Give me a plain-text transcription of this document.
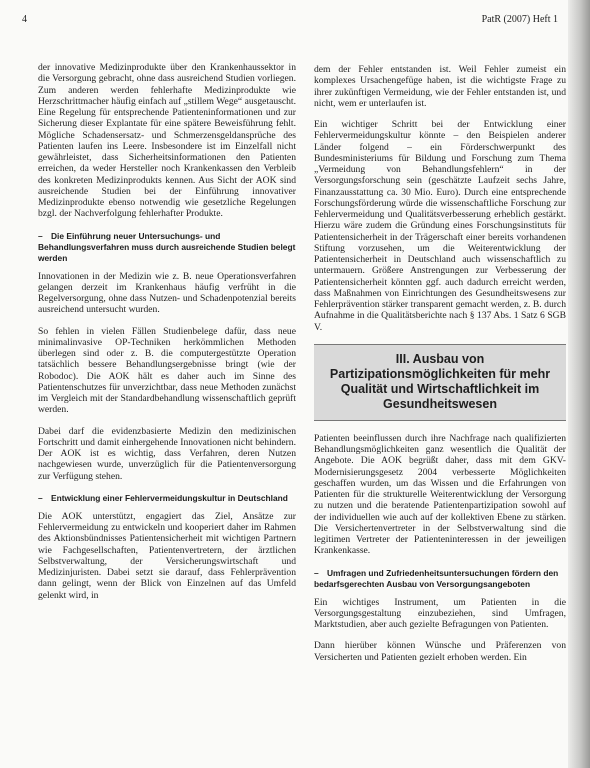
4	PatR (2007) Heft 1

der innovative Medizinprodukte über den Krankenhaussektor in die Versorgung gebracht, ohne dass ausreichend Studien vorliegen. Zum anderen werden fehlerhafte Medizinprodukte wie Herzschrittmacher häufig einfach auf „stillem Wege“ ausgetauscht. Eine Regelung für entsprechende Patienteninformationen und zur Sicherung dieser Explantate für eine spätere Beweisführung fehlt. Mögliche Schadensersatz- und Schmerzensgeldansprüche des Patienten laufen ins Leere. Insbesondere ist im Einzelfall nicht gewährleistet, dass Sicherheitsinformationen den Patienten erreichen, da weder Hersteller noch Krankenkassen den Verbleib des konkreten Medizinprodukts kennen. Aus Sicht der AOK sind ausreichende Studien bei der Einführung innovativer Medizinprodukte ebenso notwendig wie gesetzliche Regelungen bzgl. der Nachverfolgung fehlerhafter Produkte.

– Die Einführung neuer Untersuchungs- und Behandlungsverfahren muss durch ausreichende Studien belegt werden

Innovationen in der Medizin wie z. B. neue Operationsverfahren gelangen derzeit im Krankenhaus häufig verfrüht in die Regelversorgung, ohne dass Nutzen- und Schadenpotenzial bereits ausreichend untersucht wurden.

So fehlen in vielen Fällen Studienbelege dafür, dass neue minimalinvasive OP-Techniken herkömmlichen Methoden überlegen sind oder z. B. die computergestützte Operation tatsächlich bessere Behandlungsergebnisse bringt (wie der Robodoc). Die AOK hält es daher auch im Sinne des Patientenschutzes für unverzichtbar, dass neue Methoden zunächst im Vergleich mit der Standardbehandlung wissenschaftlich geprüft werden.

Dabei darf die evidenzbasierte Medizin den medizinischen Fortschritt und damit einhergehende Innovationen nicht behindern. Der AOK ist es wichtig, dass Verfahren, deren Nutzen nachgewiesen wurde, unverzüglich für die Patientenversorgung zur Verfügung stehen.

– Entwicklung einer Fehlervermeidungskultur in Deutschland

Die AOK unterstützt, engagiert das Ziel, Ansätze zur Fehlervermeidung zu entwickeln und kooperiert daher im Rahmen des Aktionsbündnisses Patientensicherheit mit wichtigen Partnern wie Fachgesellschaften, Patientenvertretern, der ärztlichen Selbstverwaltung, der Versicherungswirtschaft und Medizinjuristen. Dabei setzt sie darauf, dass Fehlerprävention dann gelingt, wenn der Blick von Einzelnen auf das Umfeld gelenkt wird, in

dem der Fehler entstanden ist. Weil Fehler zumeist ein komplexes Ursachengefüge haben, ist die wichtigste Frage zu ihrer zukünftigen Vermeidung, wie der Fehler entstanden ist, und nicht, wem er unterlaufen ist.

Ein wichtiger Schritt bei der Entwicklung einer Fehlervermeidungskultur könnte – den Beispielen anderer Länder folgend – ein Förderschwerpunkt des Bundesministeriums für Bildung und Forschung zum Thema „Vermeidung von Behandlungsfehlern“ in der Versorgungsforschung sein (geschätzte Laufzeit sechs Jahre, Finanzausstattung ca. 30 Mio. Euro). Durch eine entsprechende Forschungsförderung würde die wissenschaftliche Forschung zur Fehlervermeidung und Qualitätsverbesserung erheblich gestärkt. Hierzu wäre zudem die Gründung eines Forschungsinstituts für Patientensicherheit in der Trägerschaft einer bereits vorhandenen Stiftung vorzusehen, um die Weiterentwicklung der Patientensicherheit in Deutschland auch wissenschaftlich zu untermauern. Größere Anstrengungen zur Verbesserung der Patientensicherheit könnten ggf. auch dadurch erreicht werden, dass Maßnahmen von Einrichtungen des Gesundheitswesens zur Fehlerprävention stärker transparent gemacht werden, z. B. durch Aufnahme in die Qualitätsberichte nach § 137 Abs. 1 Satz 6 SGB V.

III. Ausbau von Partizipationsmöglichkeiten für mehr Qualität und Wirtschaftlichkeit im Gesundheitswesen

Patienten beeinflussen durch ihre Nachfrage nach qualifizierten Behandlungsmöglichkeiten ganz wesentlich die Qualität der Angebote. Die AOK begrüßt daher, dass mit dem GKV-Modernisierungsgesetz 2004 verbesserte Möglichkeiten geschaffen wurden, um das Wissen und die Erfahrungen von Patienten für die strukturelle Weiterentwicklung der Versorgung zu nutzen und die beratende Patientenpartizipation sowohl auf der individuellen wie auch auf der kollektiven Ebene zu stärken. Die Versichertenvertreter in der Selbstverwaltung sind die legitimen Vertreter der Patienteninteressen in der jeweiligen Krankenkasse.

– Umfragen und Zufriedenheitsuntersuchungen fördern den bedarfsgerechten Ausbau von Versorgungsangeboten

Ein wichtiges Instrument, um Patienten in die Versorgungsgestaltung einzubeziehen, sind Umfragen, Marktstudien, aber auch gezielte Befragungen von Patienten.

Dann hierüber können Wünsche und Präferenzen von Versicherten und Patienten gezielt erhoben werden. Ein
